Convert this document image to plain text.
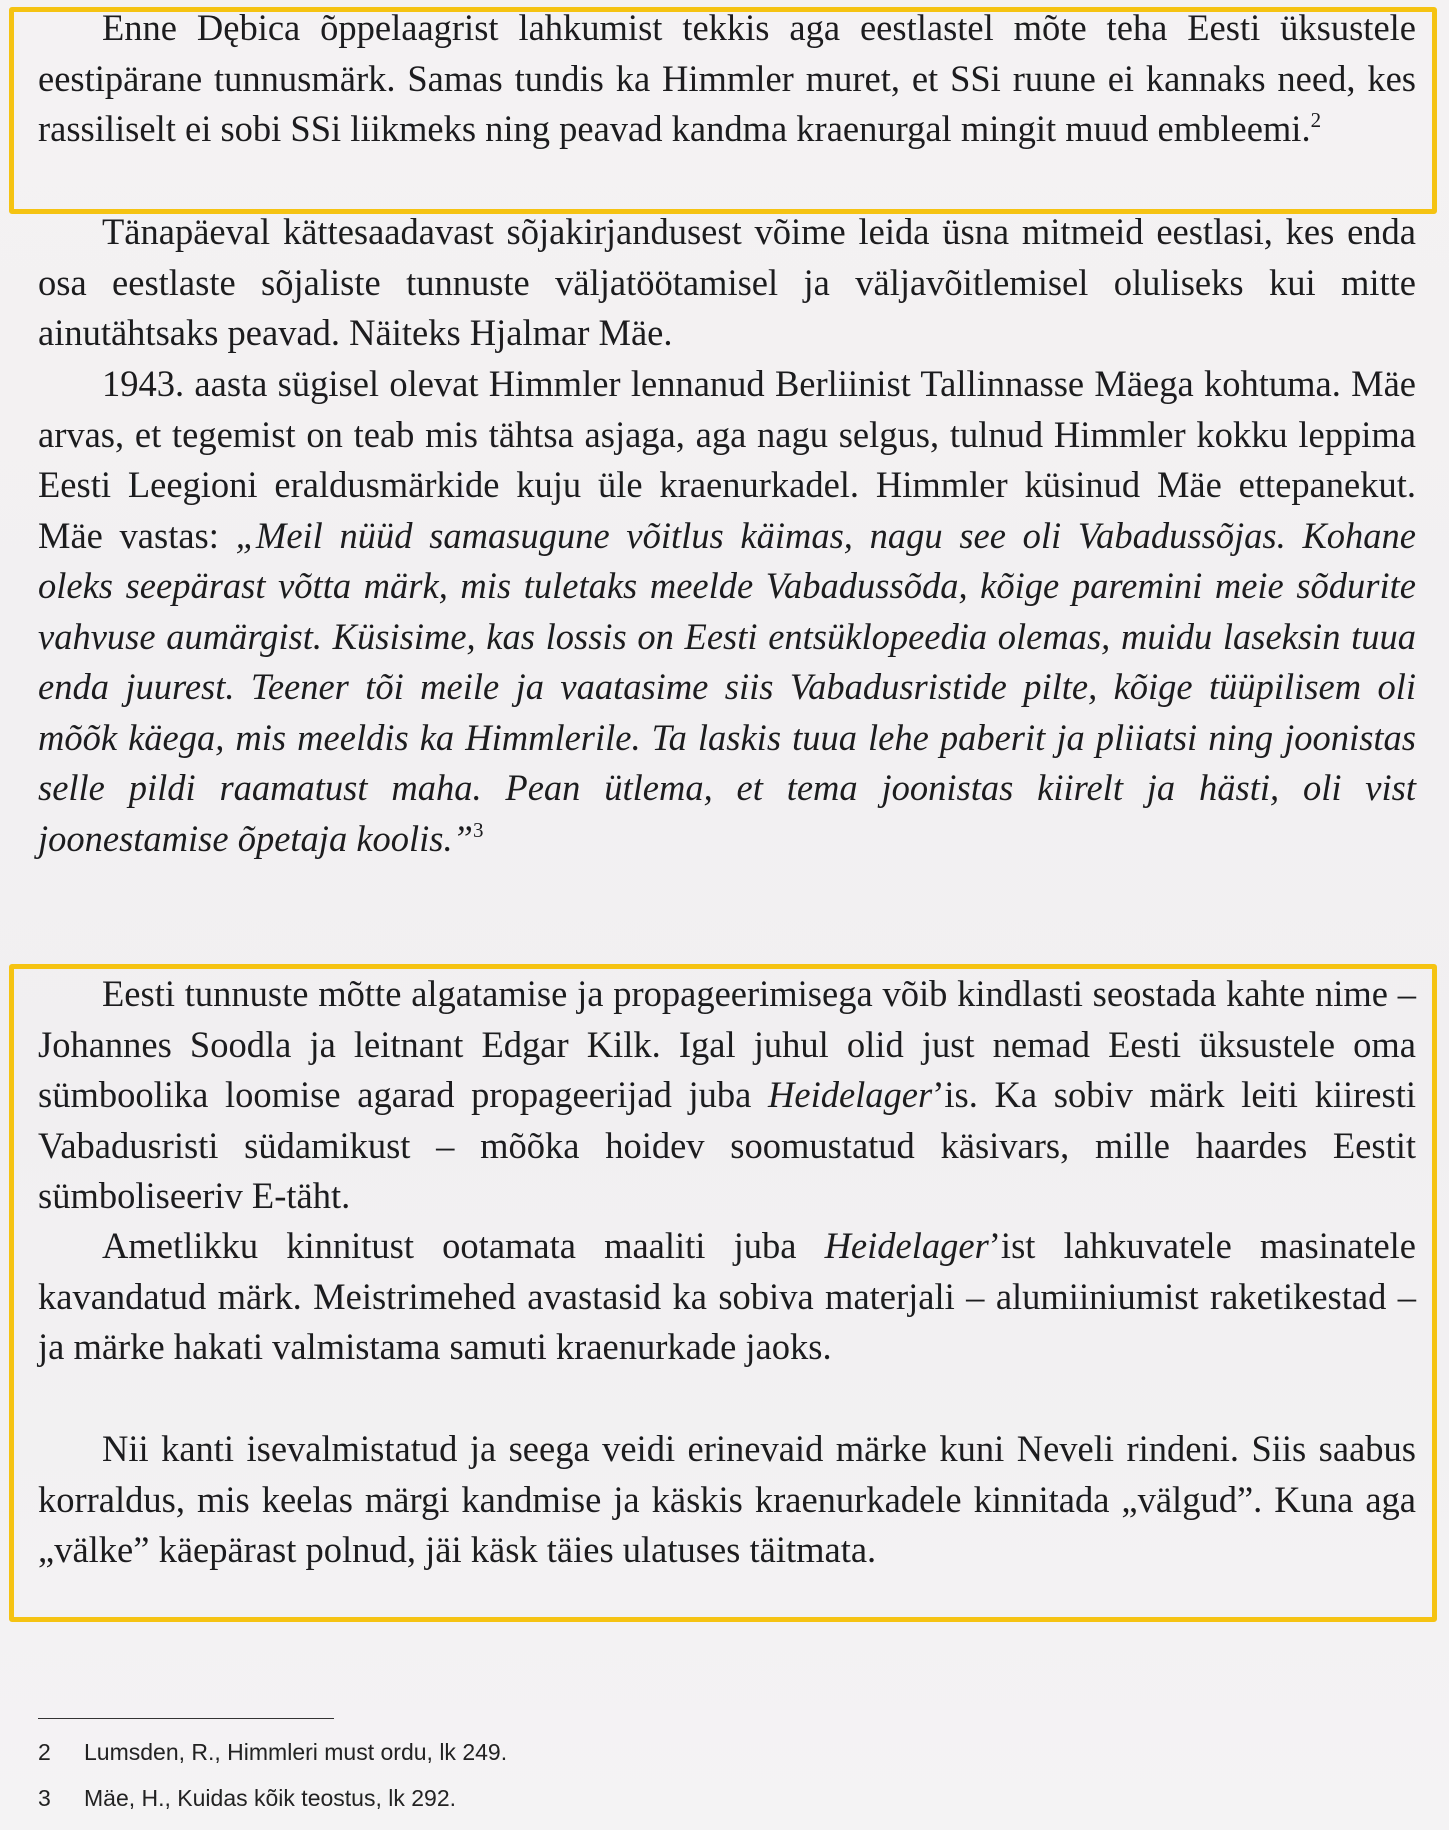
Enne Dębica õppelaagrist lahkumist tekkis aga eestlastel mõte teha Eesti üksustele eestipärane tunnusmärk. Samas tundis ka Himmler muret, et SSi ruune ei kannaks need, kes rassiliselt ei sobi SSi liikmeks ning peavad kandma kraenurgal mingit muud embleemi.$^2$

Tänapäeval kättesaadavast sõjakirjandusest võime leida üsna mitmeid eestlasi, kes enda osa eestlaste sõjaliste tunnuste väljatöötamisel ja väljavõitlemisel oluliseks kui mitte ainutähtsaks peavad. Näiteks Hjalmar Mäe.

1943. aasta sügisel olevat Himmler lennanud Berliinist Tallinnasse Mäega kohtuma. Mäe arvas, et tegemist on teab mis tähtsa asjaga, aga nagu selgus, tulnud Himmler kokku leppima Eesti Leegioni eraldusmärkide kuju üle kraenurkadel. Himmler küsinud Mäe ettepanekut. Mäe vastas: „Meil nüüd samasugune võitlus käimas, nagu see oli Vabadussõjas. Kohane oleks seepärast võtta märk, mis tuletaks meelde Vabadussõda, kõige paremini meie sõdurite vahvuse aumärgist. Küsisime, kas lossis on Eesti entsüklopeedia olemas, muidu laseksin tuua enda juurest. Teener tõi meile ja vaatasime siis Vabadusristide pilte, kõige tüüpilisem oli mõõk käega, mis meeldis ka Himmlerile. Ta laskis tuua lehe paberit ja pliiatsi ning joonistas selle pildi raamatust maha. Pean ütlema, et tema joonistas kiirelt ja hästi, oli vist joonestamise õpetaja koolis.”$^3$

Eesti tunnuste mõtte algatamise ja propageerimisega võib kindlasti seostada kahte nime – Johannes Soodla ja leitnant Edgar Kilk. Igal juhul olid just nemad Eesti üksustele oma sümboolika loomise agarad propageerijad juba Heidelager’is. Ka sobiv märk leiti kiiresti Vabadusristi südamikust – mõõka hoidev soomustatud käsivars, mille haardes Eestit sümboliseeriv E-täht.

Ametlikku kinnitust ootamata maaliti juba Heidelager’ist lahkuvatele masinatele kavandatud märk. Meistrimehed avastasid ka sobiva materjali – alumiiniumist raketikestad – ja märke hakati valmistama samuti kraenurkade jaoks.

Nii kanti isevalmistatud ja seega veidi erinevaid märke kuni Neveli rindeni. Siis saabus korraldus, mis keelas märgi kandmise ja käskis kraenurkadele kinnitada „välgud”. Kuna aga „välke” käepärast polnud, jäi käsk täies ulatuses täitmata.

2 Lumsden, R., Himmleri must ordu, lk 249.
3 Mäe, H., Kuidas kõik teostus, lk 292.
